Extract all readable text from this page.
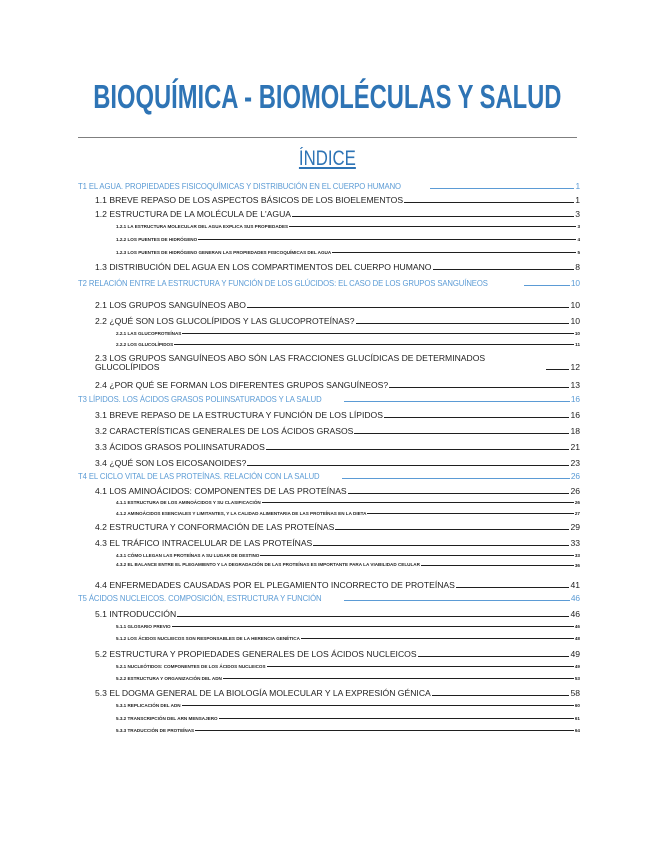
BIOQUÍMICA - BIOMOLÉCULAS Y SALUD
ÍNDICE
T1 EL AGUA. PROPIEDADES FISICOQUÍMICAS Y DISTRIBUCIÓN EN EL CUERPO HUMANO	1
1.1 BREVE REPASO DE LOS ASPECTOS BÁSICOS DE LOS BIOELEMENTOS	1
1.2 ESTRUCTURA DE LA MOLÉCULA DE L'AGUA	3
1.2.1 LA ESTRUCTURA MOLECULAR DEL AGUA EXPLICA SUS PROPIEDADES	3
1.2.2 LOS PUENTES DE HIDRÓGENO	4
1.2.3 LOS PUENTES DE HIDRÓGENO GENERAN LAS PROPIEDADES FISICOQUÍMICAS DEL AGUA	5
1.3 DISTRIBUCIÓN DEL AGUA EN LOS COMPARTIMENTOS DEL CUERPO HUMANO	8
T2 RELACIÓN ENTRE LA ESTRUCTURA Y FUNCIÓN DE LOS GLÚCIDOS: EL CASO DE LOS GRUPOS SANGUÍNEOS	10
2.1 LOS GRUPOS SANGUÍNEOS ABO	10
2.2 ¿QUÉ SON LOS GLUCOLÍPIDOS Y LAS GLUCOPROTEÍNAS?	10
2.2.1 LAS GLUCOPROTEÍNAS	10
2.2.2 LOS GLUCOLÍPIDOS	11
2.3 LOS GRUPOS SANGUÍNEOS ABO SÓN LAS FRACCIONES GLUCÍDICAS DE DETERMINADOS GLUCOLÍPIDOS	12
2.4 ¿POR QUÉ SE FORMAN LOS DIFERENTES GRUPOS SANGUÍNEOS?	13
T3 LÍPIDOS. LOS ÁCIDOS GRASOS POLIINSATURADOS Y LA SALUD	16
3.1 BREVE REPASO DE LA ESTRUCTURA Y FUNCIÓN DE LOS LÍPIDOS	16
3.2 CARACTERÍSTICAS GENERALES DE LOS ÁCIDOS GRASOS	18
3.3 ÁCIDOS GRASOS POLIINSATURADOS	21
3.4 ¿QUÉ SON LOS EICOSANOIDES?	23
T4 EL CICLO VITAL DE LAS PROTEÍNAS. RELACIÓN CON LA SALUD	26
4.1 LOS AMINOÁCIDOS: COMPONENTES DE LAS PROTEÍNAS	26
4.1.1 ESTRUCTURA DE LOS AMINOÁCIDOS Y SU CLASIFICACIÓN	26
4.1.2 AMINOÁCIDOS ESENCIALES Y LIMITANTES, Y LA CALIDAD ALIMENTARIA DE LAS PROTEÍNAS EN LA DIETA	27
4.2 ESTRUCTURA Y CONFORMACIÓN DE LAS PROTEÍNAS	29
4.3 EL TRÁFICO INTRACELULAR DE LAS PROTEÍNAS	33
4.3.1 CÓMO LLEGAN LAS PROTEÍNAS A SU LUGAR DE DESTINO	33
4.3.2 EL BALANCE ENTRE EL PLEGAMIENTO Y LA DEGRADACIÓN DE LAS PROTEÍNAS ES IMPORTANTE PARA LA VIABILIDAD CELULAR	36
4.4 ENFERMEDADES CAUSADAS POR EL PLEGAMIENTO INCORRECTO DE PROTEÍNAS	41
T5 ÁCIDOS NUCLEICOS. COMPOSICIÓN, ESTRUCTURA Y FUNCIÓN	46
5.1 INTRODUCCIÓN	46
5.1.1 GLOSARIO PREVIO	46
5.1.2 LOS ÁCIDOS NUCLEICOS SON RESPONSABLES DE LA HERENCIA GENÉTICA	48
5.2 ESTRUCTURA Y PROPIEDADES GENERALES DE LOS ÁCIDOS NUCLEICOS	49
5.2.1 NUCLEÓTIDOS: COMPONENTES DE LOS ÁCIDOS NUCLEICOS	49
5.2.2 ESTRUCTURA Y ORGANIZACIÓN DEL ADN	53
5.3 EL DOGMA GENERAL DE LA BIOLOGÍA MOLECULAR Y LA EXPRESIÓN GÉNICA	58
5.3.1 REPLICACIÓN DEL ADN	60
5.3.2 TRANSCRIPCIÓN DEL ARN MENSAJERO	61
5.3.3 TRADUCCIÓN DE PROTEÍNAS	64
